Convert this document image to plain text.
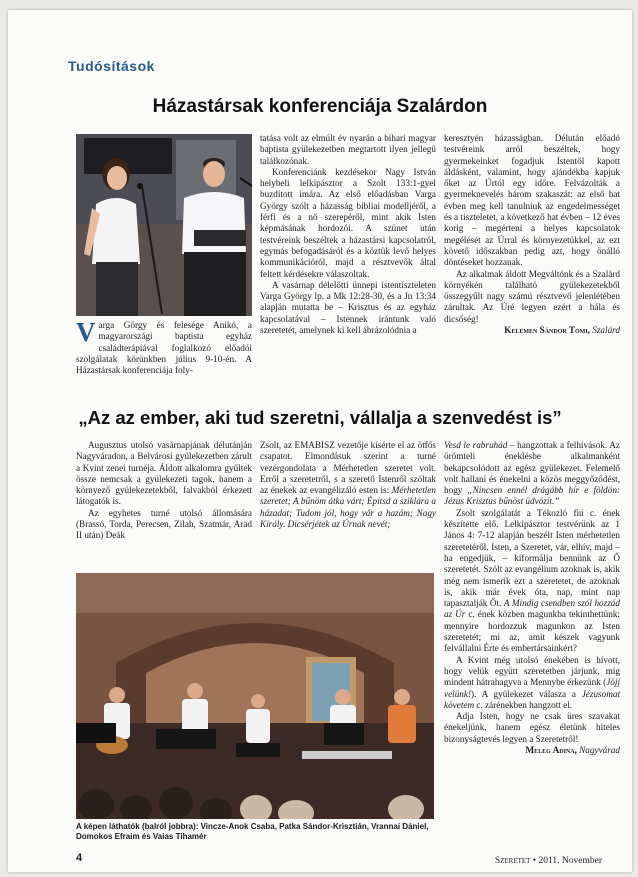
Tudósítások
Házastársak konferenciája Szalárdon

Varga Görgy és felesége Anikó, a magyarországi baptista egyház családterápiával foglalkozó előadói szolgálatak körünkben július 9-10-én. A Házastársak konferenciája foly-

tatása volt az elmúlt év nyarán a bihari magyar baptista gyülekezetben megtartott ilyen jellegű találkozónak.

Konferenciánk kezdésekor Nagy István helybeli lelkipásztor a Szolt 133:1-gyel buzdított imára. Az első előadásban Varga György szólt a házasság bibliai modelljéről, a férfi és a nő szerepéről, mint akik Isten képmásának hordozói. A szünet után testvéreink beszéltek a házastársi kapcsolatról, egymás befogadásáról és a köztük levő helyes kommunikációról, majd a résztvevők által feltett kérdésekre válaszoltak.

A vasárnap délelőtti ünnepi istentiszteleten Varga György lp. a Mk 12:28-30, és a Jn 13:34 alapján mutatta be – Krisztus és az egyház kapcsolatával – Istennek irántunk való szeretetét, amelynek ki kell ábrázolódnia a

keresztyén házasságban. Délután előadó testvéreink arról beszéltek, hogy gyermekeinket fogadjuk Istentől kapott áldásként, valamint, hogy ajándékba kapjuk őket az Úrtól egy időre. Felvázolták a gyermeknevelés három szakaszát: az első hat évben meg kell tanulniuk az engedelmességet és a tiszteletet, a következő hat évben – 12 éves korig – megérteni a helyes kapcsolatok megélését az Úrral és környezetükkel, az ezt követő időszakban pedig azt, hogy önálló döntéseket hozzanak.

Az alkalmak áldott Megváltónk és a Szalárd környékén található gyülekezetekből összegyűlt nagy számú résztvevő jelenlétében zárultak. Az Úré legyen ezért a hála és dicsőség!

Kelemen Sándor Tomi, Szalárd

„Az az ember, aki tud szeretni, vállalja a szenvedést is”

Augusztus utolsó vasárnapjának délutánján Nagyváradon, a Belvárosi gyülekezetben zárult a Kvint zenei turnéja. Áldott alkalomra gyűltek össze nemcsak a gyülekezeti tagok, hanem a környező gyülekezetekből, falvakból érkezett látogatók is.

Az egyhetes turné utolsó állomására (Brassó, Torda, Perecsen, Zilah, Szatmár, Arad II után) Deák

Zsolt, az EMABISZ vezetője kísérte el az ötfős csapatot. Elmondásuk szerint a turné vezérgondolata a Mérhetetlen szeretet volt. Erről a szeretetről, s a szerető Istenről szóltak az énekek az evangélizáló esten is: Mérhetetlen szeretet; A bűnöm átka várt; Építsd a sziklára a házadat; Tudom jól, hogy vár a hazám; Nagy Király. Dicsérjétek az Úrnak nevét;

Vesd le rabruhád – hangzottak a felhívások. Az örömteli éneklésbe alkalmanként bekapcsolódott az egész gyülekezet. Felemelő volt hallani és énekelni a közös meggyőződést, hogy „Nincsen ennél drágább hír e földön: Jézus Krisztus bűnöst üdvözít.”

Zsolt szolgálatát a Tékozló fiú c. ének készítette elő. Lelkipásztor testvérünk az 1 János 4: 7-12 alapján beszélt Isten mérhetetlen szeretetéről. Isten, a Szeretet, vár, elhív, majd – ha engedjük, – kiformálja bennünk az Ő szeretetét. Szólt az evangélium azoknak is, akik még nem ismerik ezt a szeretetet, de azoknak is, akik már évek óta, nap, mint nap tapasztalják Őt. A Mindig csendben szól hozzád az Úr c. ének közben magunkba tekinthettünk: mennyire hordozzuk magunkon az Isten szeretetét; mi az, amit készek vagyunk felvállalni Érte és embertársainkért?

A Kvint még utolsó énekében is hívott, hogy velük együtt szeretetben járjunk, míg mindent hátrahagyva a Mennybe érkezünk (Jöjj velünk!). A gyülekezet válasza a Jézusomat követem c. zárénekben hangzott el.

Adja Isten, hogy ne csak üres szavakat énekeljünk, hanem egész életünk hiteles bizonyságtevés legyen a Szeretetről!

Meleg Adina, Nagyvárad

A képen láthatók (balról jobbra): Vincze-Anok Csaba, Patka Sándor-Krisztián, Vrannai Dániel, Domokos Efraim és Vaias Tihamér
4	Szeretet • 2011. November
